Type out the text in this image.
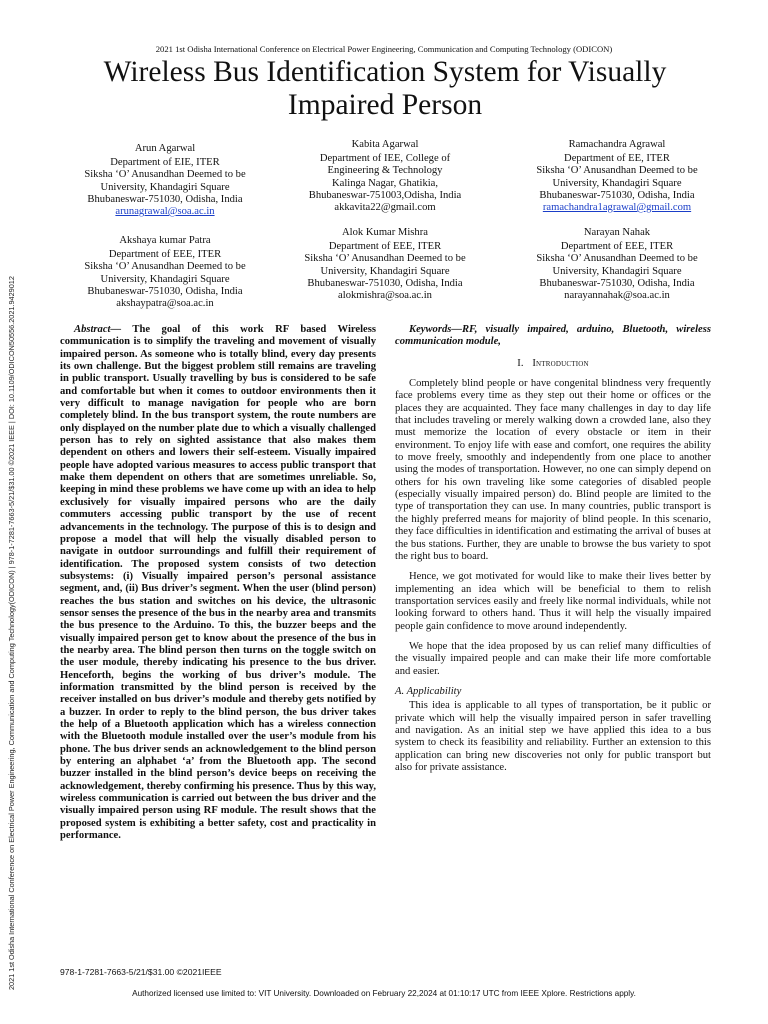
2021 1st Odisha International Conference on Electrical Power Engineering, Communication and Computing Technology(ODICON) | 978-1-7281-7663-5/21/$31.00 ©2021 IEEE | DOI: 10.1109/ODICON50556.2021.9429012
2021 1st Odisha International Conference on Electrical Power Engineering, Communication and Computing Technology (ODICON)
Wireless Bus Identification System for Visually Impaired Person
Arun Agarwal
Department of EIE, ITER
Siksha ‘O’ Anusandhan Deemed to be
University, Khandagiri Square
Bhubaneswar-751030, Odisha, India
arunagrawal@soa.ac.in
Kabita Agarwal
Department of IEE, College of
Engineering & Technology
Kalinga Nagar, Ghatikia,
Bhubaneswar-751003,Odisha, India
akkavita22@gmail.com
Ramachandra Agrawal
Department of EE, ITER
Siksha ‘O’ Anusandhan Deemed to be
University, Khandagiri Square
Bhubaneswar-751030, Odisha, India
ramachandra1agrawal@gmail.com
Akshaya kumar Patra
Department of EEE, ITER
Siksha ‘O’ Anusandhan Deemed to be
University, Khandagiri Square
Bhubaneswar-751030, Odisha, India
akshaypatra@soa.ac.in
Alok Kumar Mishra
Department of EEE, ITER
Siksha ‘O’ Anusandhan Deemed to be
University, Khandagiri Square
Bhubaneswar-751030, Odisha, India
alokmishra@soa.ac.in
Narayan Nahak
Department of EEE, ITER
Siksha ‘O’ Anusandhan Deemed to be
University, Khandagiri Square
Bhubaneswar-751030, Odisha, India
narayannahak@soa.ac.in
Abstract— The goal of this work RF based Wireless communication is to simplify the traveling and movement of visually impaired person. As someone who is totally blind, every day presents its own challenge. But the biggest problem still remains are traveling in public transport. Usually travelling by bus is considered to be safe and comfortable but when it comes to outdoor environments then it very difficult to manage navigation for people who are born completely blind. In the bus transport system, the route numbers are only displayed on the number plate due to which a visually challenged person has to rely on sighted assistance that also makes them dependent on others and lowers their self-esteem. Visually impaired people have adopted various measures to access public transport that make them dependent on others that are sometimes unreliable. So, keeping in mind these problems we have come up with an idea to help exclusively for visually impaired persons who are the daily commuters accessing public transport by the use of recent advancements in the technology. The purpose of this is to design and propose a model that will help the visually disabled person to navigate in outdoor surroundings and fulfill their requirement of identification. The proposed system consists of two detection subsystems: (i) Visually impaired person’s personal assistance segment, and, (ii) Bus driver’s segment. When the user (blind person) reaches the bus station and switches on his device, the ultrasonic sensor senses the presence of the bus in the nearby area and transmits the bus presence to the Arduino. To this, the buzzer beeps and the visually impaired person get to know about the presence of the bus in the nearby area. The blind person then turns on the toggle switch on the user module, thereby indicating his presence to the bus driver. Henceforth, begins the working of bus driver’s module. The information transmitted by the blind person is received by the receiver installed on bus driver’s module and thereby gets notified by a buzzer. In order to reply to the blind person, the bus driver takes the help of a Bluetooth application which has a wireless connection with the Bluetooth module installed over the user’s module from his phone. The bus driver sends an acknowledgement to the blind person by entering an alphabet ‘a’ from the Bluetooth app. The second buzzer installed in the blind person’s device beeps on receiving the acknowledgement, thereby confirming his presence. Thus by this way, wireless communication is carried out between the bus driver and the visually impaired person using RF module. The result shows that the proposed system is exhibiting a better safety, cost and practicality in performance.
Keywords—RF, visually impaired, arduino, Bluetooth, wireless communication module,
I. Introduction

Completely blind people or have congenital blindness very frequently face problems every time as they step out their home or offices or the places they are acquainted. They face many challenges in day to day life that includes traveling or merely walking down a crowded lane, also they must memorize the location of every obstacle or item in their environment. To enjoy life with ease and comfort, one requires the ability to move freely, smoothly and independently from one place to another using the modes of transportation. However, no one can simply depend on others for his own traveling like some categories of disabled people (especially visually impaired person) do. Blind people are limited to the type of transportation they can use. In many countries, public transport is the highly preferred means for majority of blind people. In this scenario, they face difficulties in identification and estimating the arrival of buses at the bus stations. Further, they are unable to browse the bus variety to spot the right bus to board.

Hence, we got motivated for would like to make their lives better by implementing an idea which will be beneficial to them to relish transportation services easily and freely like normal individuals, while not looking forward to others hand. Thus it will help the visually impaired people gain confidence to move around independently.

We hope that the idea proposed by us can relief many difficulties of the visually impaired people and can make their life more comfortable and easier.

A. Applicability

This idea is applicable to all types of transportation, be it public or private which will help the visually impaired person in safer travelling and navigation. As an initial step we have applied this idea to a bus system to check its feasibility and reliability. Further an extension to this application can bring new discoveries not only for public transport but also for private assistance.

978-1-7281-7663-5/21/$31.00 ©2021IEEE
Authorized licensed use limited to: VIT University. Downloaded on February 22,2024 at 01:10:17 UTC from IEEE Xplore. Restrictions apply.
